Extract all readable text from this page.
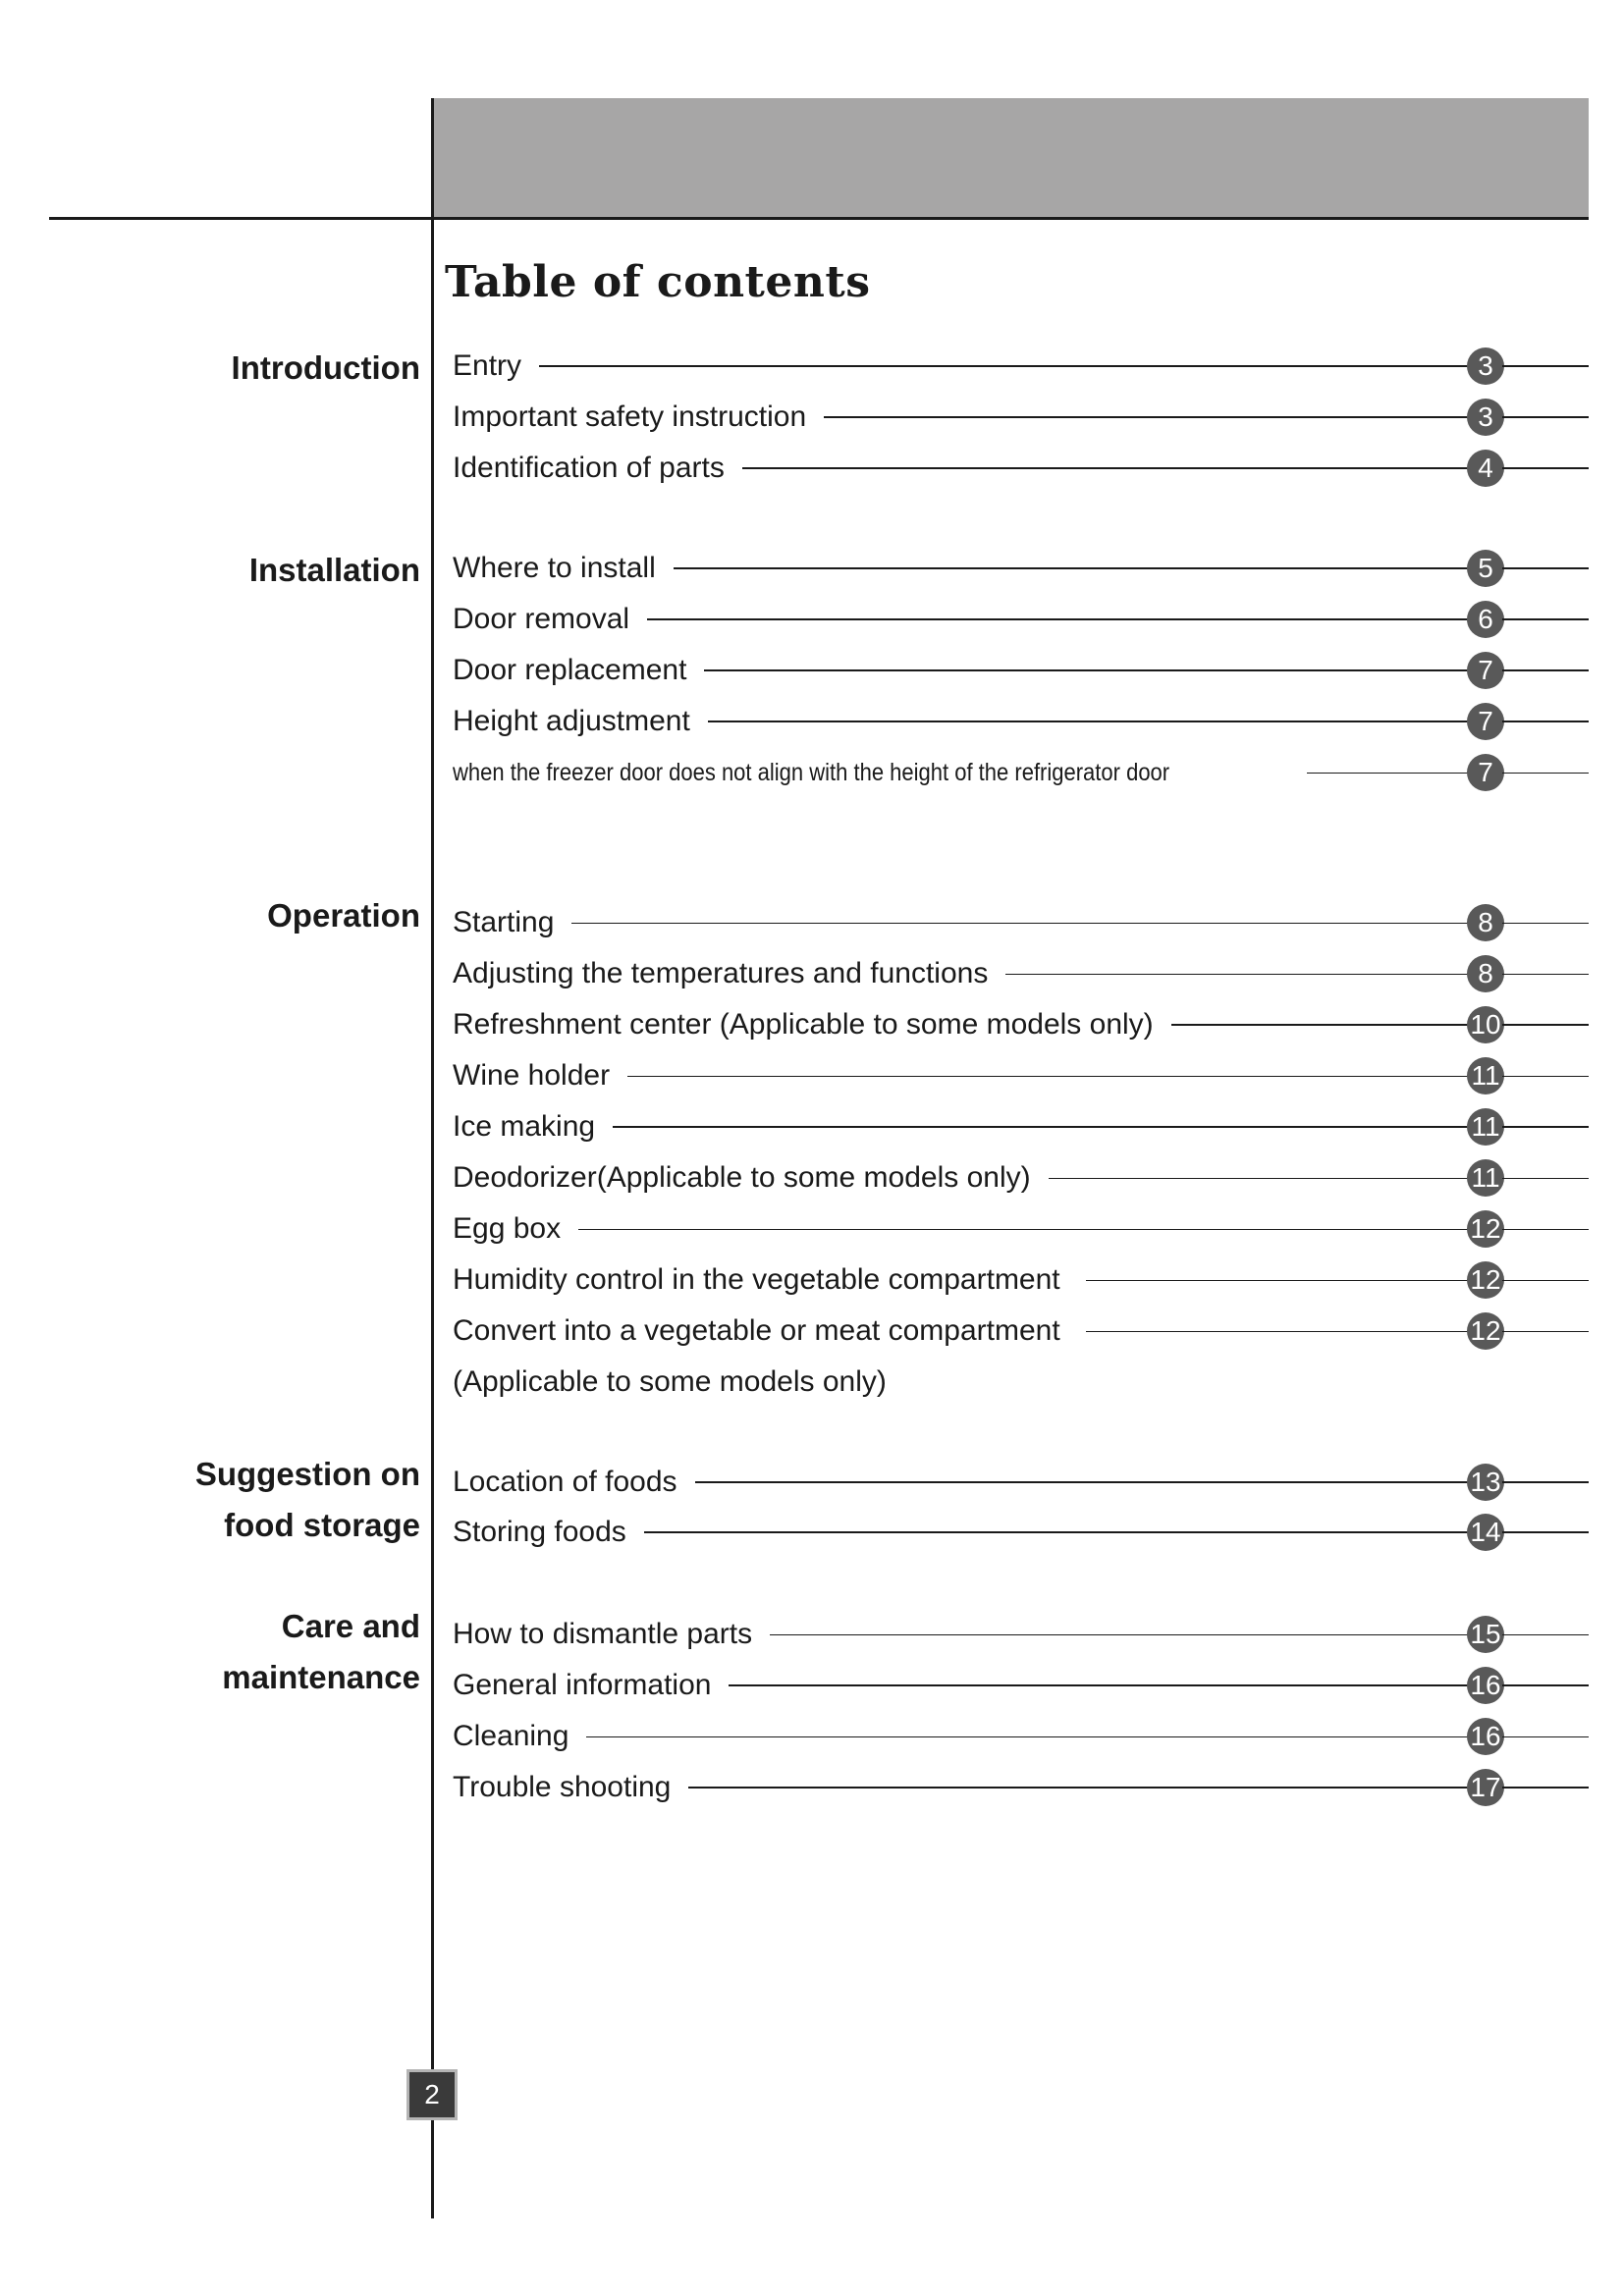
Table of contents
Introduction
Installation
Operation
Suggestion on
food storage
Care and
maintenance
Entry	3
Important safety instruction	3
Identification of parts	4
Where to install	5
Door removal	6
Door replacement	7
Height adjustment	7
when the freezer door does not align with the height of the refrigerator door	7
Starting	8
Adjusting the temperatures and functions	8
Refreshment center (Applicable to some models only)	10
Wine holder	11
Ice making	11
Deodorizer(Applicable to some models only)	11
Egg box	12
Humidity control in the vegetable compartment	12
Convert into a vegetable or meat compartment	12
(Applicable to some models only)
Location of foods	13
Storing foods	14
How to dismantle parts	15
General information	16
Cleaning	16
Trouble shooting	17
2
